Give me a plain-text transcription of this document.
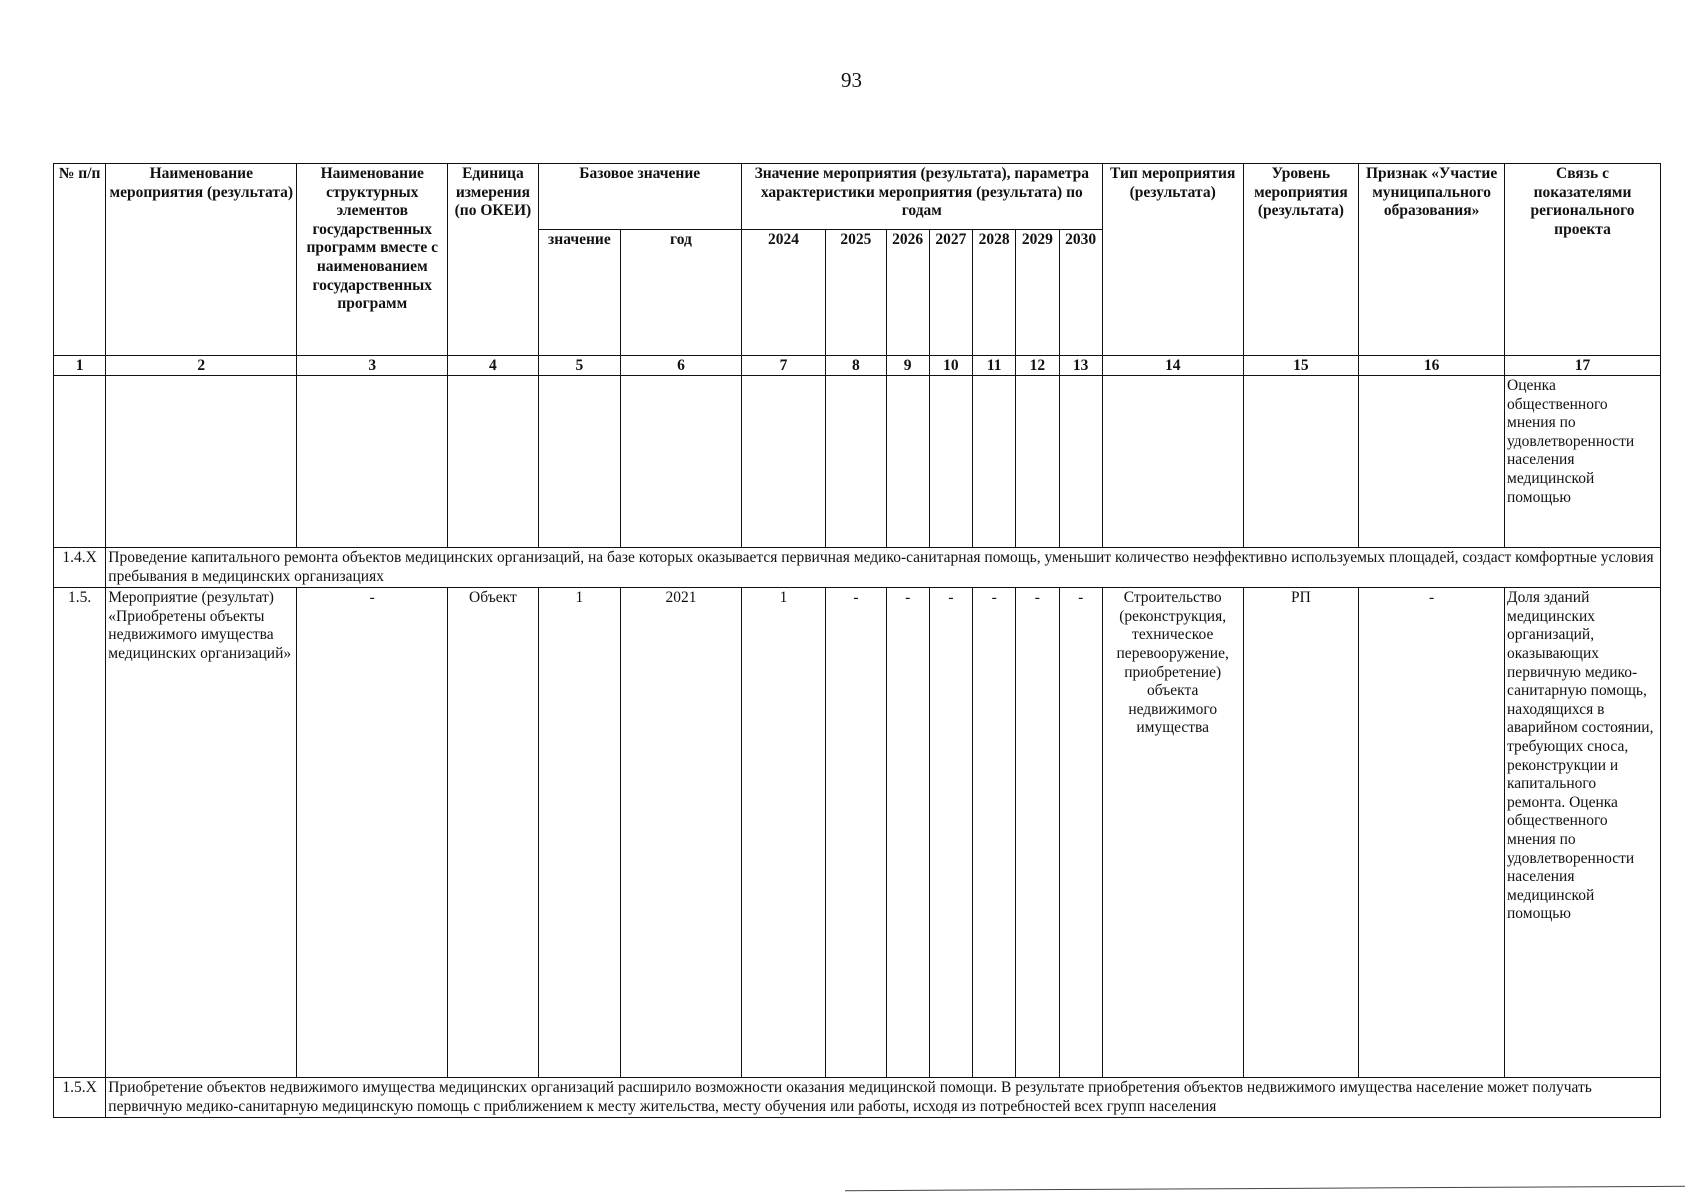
93
№ п/п	Наименование мероприятия (результата)	Наименование структурных элементов государственных программ вместе с наименованием государственных программ	Единица измерения (по ОКЕИ)	Базовое значение		Значение мероприятия (результата), параметра характеристики мероприятия (результата) по годам							Тип мероприятия (результата)	Уровень мероприятия (результата)	Признак «Участие муниципального образования»	Связь с показателями регионального проекта
				значение	год	2024	2025	2026	2027	2028	2029	2030				
1	2	3	4	5	6	7	8	9	10	11	12	13	14	15	16	17
																Оценка общественного мнения по удовлетворенности населения медицинской помощью
1.4.X	Проведение капитального ремонта объектов медицинских организаций, на базе которых оказывается первичная медико-санитарная помощь, уменьшит количество неэффективно используемых площадей, создаст комфортные условия пребывания в медицинских организациях															
1.5.	Мероприятие (результат) «Приобретены объекты недвижимого имущества медицинских организаций»	-	Объект	1	2021	1	-	-	-	-	-	-	Строительство (реконструкция, техническое перевооружение, приобретение) объекта недвижимого имущества	РП	-	Доля зданий медицинских организаций, оказывающих первичную медико-санитарную помощь, находящихся в аварийном состоянии, требующих сноса, реконструкции и капитального ремонта. Оценка общественного мнения по удовлетворенности населения медицинской помощью
1.5.X	Приобретение объектов недвижимого имущества медицинских организаций расширило возможности оказания медицинской помощи. В результате приобретения объектов недвижимого имущества население может получать первичную медико-санитарную медицинскую помощь с приближением к месту жительства, месту обучения или работы, исходя из потребностей всех групп населения															
